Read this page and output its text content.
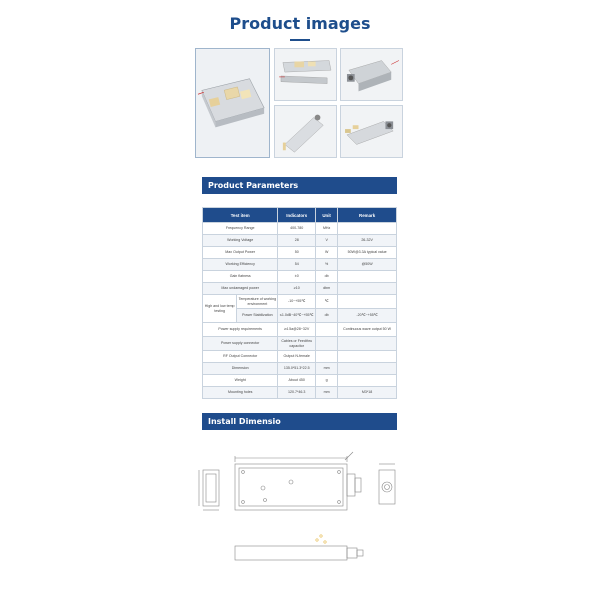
Product images
Product Parameters
Test item		Indicators	Unit	Remark
Frequency Range		400-780	MHz	
Working Voltage		28	V	26-32V
Max Output Power		50	W	50W@3.3A typical value
Working Efficiency		54	%	@50W
Gain flatness		±0	db	
Max undamaged power		≥10	dbm	
High and low temp testing	Temperature of working environment	-10~+55℃	℃	
	Power Stabilization	≤1.0dB~40℃~+55℃	db	-20℃~+55℃
Power supply requirements		≥4.5a@28~32V		Continuous wave output 50 W
Power supply connector		Cables or Feedthru capacitor		
RF Output Connector		Output N-female		
Dimension		135.0*51.3*22.5	mm	
Weight		About 450	g	
Mounting holes		120.7*46.3	mm	M3*18
Install Dimensio
